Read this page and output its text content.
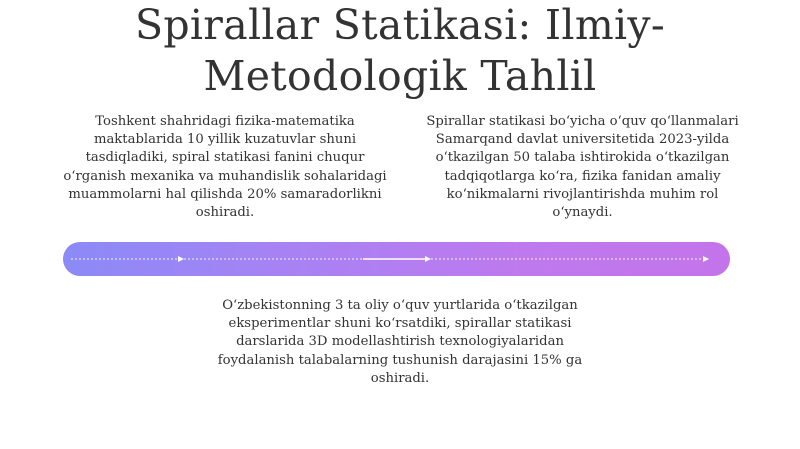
Spirallar Statikasi: Ilmiy-Metodologik Tahlil

Toshkent shahridagi fizika-matematika maktablarida 10 yillik kuzatuvlar shuni tasdiqladiki, spiral statikasi fanini chuqur o‘rganish mexanika va muhandislik sohalaridagi muammolarni hal qilishda 20% samaradorlikni oshiradi.

Spirallar statikasi bo‘yicha o‘quv qo‘llanmalari Samarqand davlat universitetida 2023-yilda o‘tkazilgan 50 talaba ishtirokida o‘tkazilgan tadqiqotlarga ko‘ra, fizika fanidan amaliy ko‘nikmalarni rivojlantirishda muhim rol o‘ynaydi.

O‘zbekistonning 3 ta oliy o‘quv yurtlarida o‘tkazilgan eksperimentlar shuni ko‘rsatdiki, spirallar statikasi darslarida 3D modellashtirish texnologiyalaridan foydalanish talabalarning tushunish darajasini 15% ga oshiradi.
